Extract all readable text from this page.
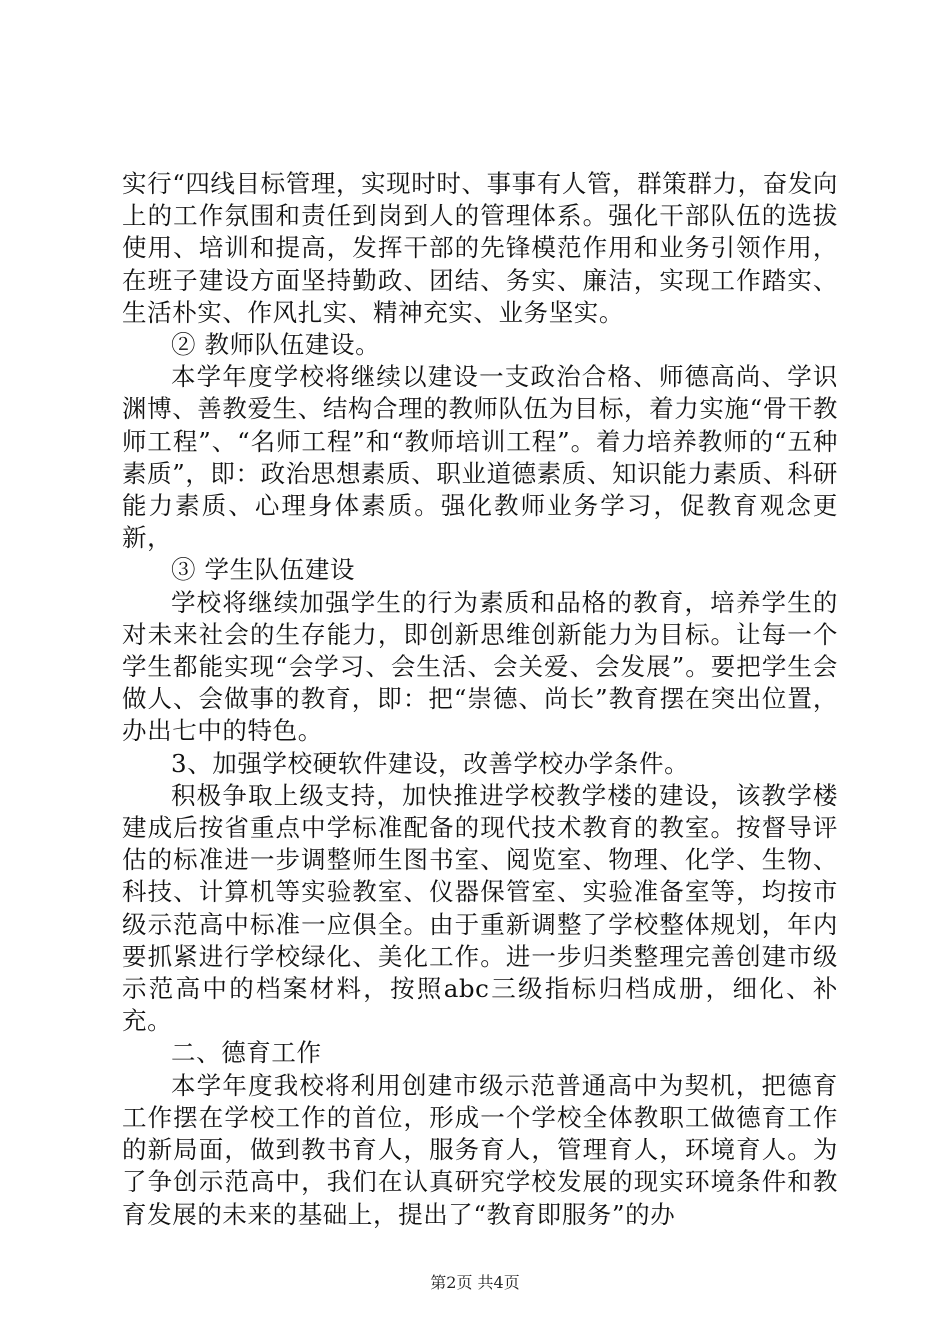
实行“四线目标管理，实现时时、事事有人管，群策群力，奋发向上的工作氛围和责任到岗到人的管理体系。强化干部队伍的选拔使用、培训和提高，发挥干部的先锋模范作用和业务引领作用，在班子建设方面坚持勤政、团结、务实、廉洁，实现工作踏实、生活朴实、作风扎实、精神充实、业务坚实。

② 教师队伍建设。

本学年度学校将继续以建设一支政治合格、师德高尚、学识渊博、善教爱生、结构合理的教师队伍为目标，着力实施“骨干教师工程”、“名师工程”和“教师培训工程”。着力培养教师的“五种素质”，即：政治思想素质、职业道德素质、知识能力素质、科研能力素质、心理身体素质。强化教师业务学习，促教育观念更新，

③ 学生队伍建设

学校将继续加强学生的行为素质和品格的教育，培养学生的对未来社会的生存能力，即创新思维创新能力为目标。让每一个学生都能实现“会学习、会生活、会关爱、会发展”。要把学生会做人、会做事的教育，即：把“崇德、尚长”教育摆在突出位置，办出七中的特色。

3、加强学校硬软件建设，改善学校办学条件。

积极争取上级支持，加快推进学校教学楼的建设，该教学楼建成后按省重点中学标准配备的现代技术教育的教室。按督导评估的标准进一步调整师生图书室、阅览室、物理、化学、生物、科技、计算机等实验教室、仪器保管室、实验准备室等，均按市级示范高中标准一应俱全。由于重新调整了学校整体规划，年内要抓紧进行学校绿化、美化工作。进一步归类整理完善创建市级示范高中的档案材料，按照abc三级指标归档成册，细化、补充。

二、德育工作

本学年度我校将利用创建市级示范普通高中为契机，把德育工作摆在学校工作的首位，形成一个学校全体教职工做德育工作的新局面，做到教书育人，服务育人，管理育人，环境育人。为了争创示范高中，我们在认真研究学校发展的现实环境条件和教育发展的未来的基础上，提出了“教育即服务”的办

第2页 共4页
